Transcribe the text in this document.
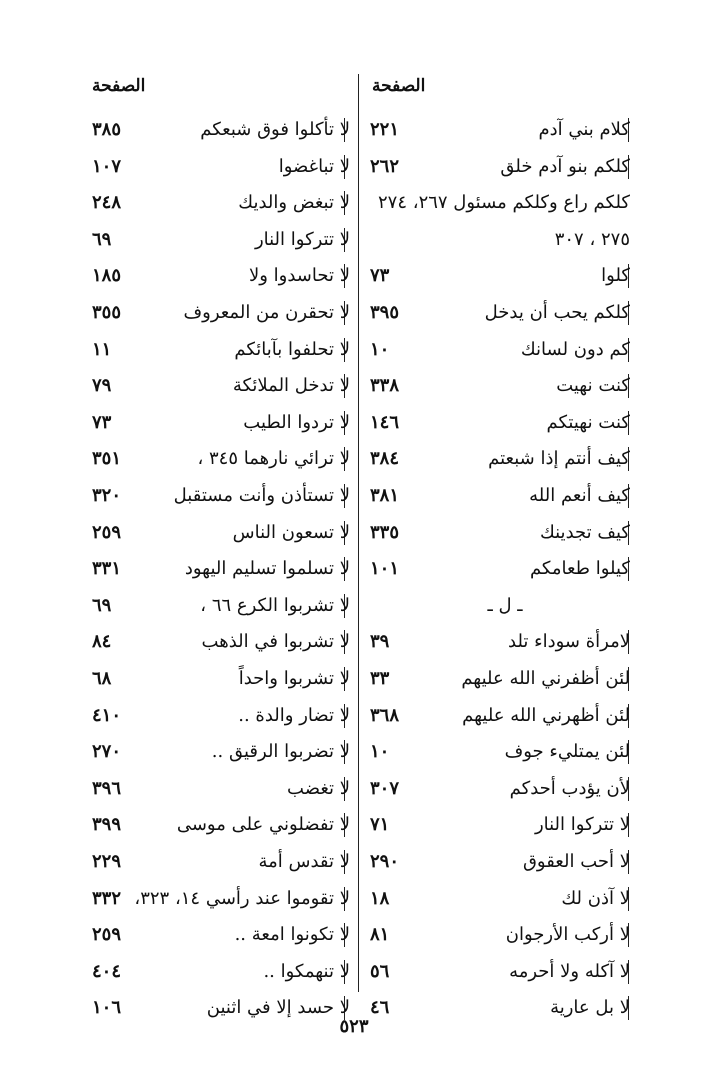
الصفحة
الصفحة
٢٢١	كلام بني آدم
٢٦٢	كلكم بنو آدم خلق
كلكم راع وكلكم مسئول ٢٦٧، ٢٧٤
٢٧٥ ، ٣٠٧
٧٣	كلوا
٣٩٥	كلكم يحب أن يدخل
١٠	كم دون لسانك
٣٣٨	كنت نهيت
١٤٦	كنت نهيتكم
٣٨٤	كيف أنتم إذا شبعتم
٣٨١	كيف أنعم الله
٣٣٥	كيف تجدينك
١٠١	كيلوا طعامكم
ـ ل ـ
٣٩	لامرأة سوداء تلد
٣٣	لئن أظفرني الله عليهم
٣٦٨	لئن أظهرني الله عليهم
١٠	لئن يمتليء جوف
٣٠٧	لأن يؤدب أحدكم
٧١	لا تتركوا النار
٢٩٠	لا أحب العقوق
١٨	لا آذن لك
٨١	لا أركب الأرجوان
٥٦	لا آكله ولا أحرمه
٤٦	لا بل عارية
٣٨٥	لا تأكلوا فوق شبعكم
١٠٧	لا تباغضوا
٢٤٨	لا تبغض والديك
٦٩	لا تتركوا النار
١٨٥	لا تحاسدوا ولا
٣٥٥	لا تحقرن من المعروف
١١	لا تحلفوا بآبائكم
٧٩	لا تدخل الملائكة
٧٣	لا تردوا الطيب
٣٥١	لا ترائي نارهما ٣٤٥ ،
٣٢٠	لا تستأذن وأنت مستقبل
٢٥٩	لا تسعون الناس
٣٣١	لا تسلموا تسليم اليهود
٦٩	لا تشربوا الكرع ٦٦ ،
٨٤	لا تشربوا في الذهب
٦٨	لا تشربوا واحداً
٤١٠	لا تضار والدة ..
٢٧٠	لا تضربوا الرقيق ..
٣٩٦	لا تغضب
٣٩٩	لا تفضلوني على موسى
٢٢٩	لا تقدس أمة
٣٣٢ لا تقوموا عند رأسي ١٤، ٣٢٣،
٢٥٩	لا تكونوا امعة ..
٤٠٤	لا تنهمكوا ..
١٠٦	لا حسد إلا في اثنين
٥٢٣
